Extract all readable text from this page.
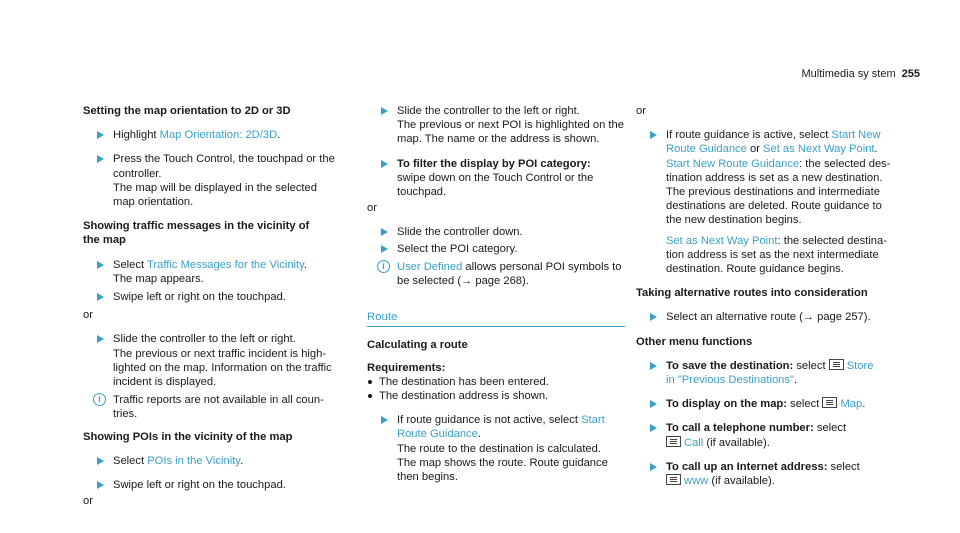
Multimedia sy stem 255
Setting the map orientation to 2D or 3D
Highlight Map Orientation: 2D/3D.
Press the Touch Control, the touchpad or the
controller.
The map will be displayed in the selected
map orientation.
Showing traffic messages in the vicinity of
the map
Select Traffic Messages for the Vicinity.
The map appears.
Swipe left or right on the touchpad.
or
Slide the controller to the left or right.
The previous or next traffic incident is high-
lighted on the map. Information on the traffic
incident is displayed.
i	Traffic reports are not available in all coun-
tries.
Showing POIs in the vicinity of the map
Select POIs in the Vicinity.
Swipe left or right on the touchpad.
or
Slide the controller to the left or right.
The previous or next POI is highlighted on the
map. The name or the address is shown.
To filter the display by POI category:
swipe down on the Touch Control or the
touchpad.
or
Slide the controller down.
Select the POI category.
i	User Defined allows personal POI symbols to
be selected (→ page 268).
Route
Calculating a route
Requirements:
The destination has been entered.
The destination address is shown.
If route guidance is not active, select Start
Route Guidance.
The route to the destination is calculated.
The map shows the route. Route guidance
then begins.
or
If route guidance is active, select Start New
Route Guidance or Set as Next Way Point.
Start New Route Guidance: the selected des-
tination address is set as a new destination.
The previous destinations and intermediate
destinations are deleted. Route guidance to
the new destination begins.
Set as Next Way Point: the selected destina-
tion address is set as the next intermediate
destination. Route guidance begins.
Taking alternative routes into consideration
Select an alternative route (→ page 257).
Other menu functions
To save the destination: select Store
in "Previous Destinations".
To display on the map: select Map.
To call a telephone number: select
Call (if available).
To call up an Internet address: select
www (if available).
